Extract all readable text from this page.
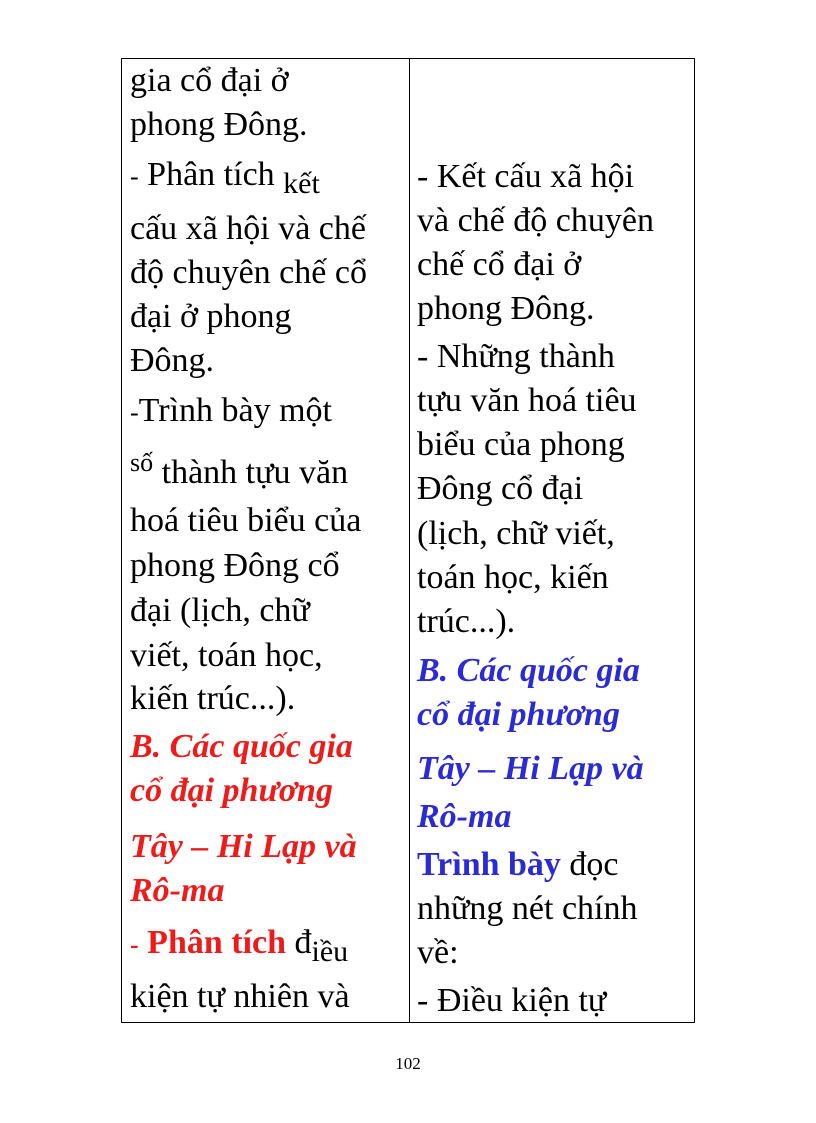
gia cổ đại ở
phong Đông.
- Phân tích kết
cấu xã hội và chế
độ chuyên chế cổ
đại ở phong
Đông.
-Trình bày một
$^{số}$ thành tựu văn
hoá tiêu biểu của
phong Đông cổ
đại (lịch, chữ
viết, toán học,
kiến trúc...).
B. Các quốc gia
cổ đại phương
Tây – Hi Lạp và
Rô-ma
- Phân tích điều
kiện tự nhiên và
- Kết cấu xã hội
và chế độ chuyên
chế cổ đại ở
phong Đông.
- Những thành
tựu văn hoá tiêu
biểu của phong
Đông cổ đại
(lịch, chữ viết,
toán học, kiến
trúc...).
B. Các quốc gia
cổ đại phương
Tây – Hi Lạp và
Rô-ma
Trình bày đọc
những nét chính
về:
- Điều kiện tự
102
